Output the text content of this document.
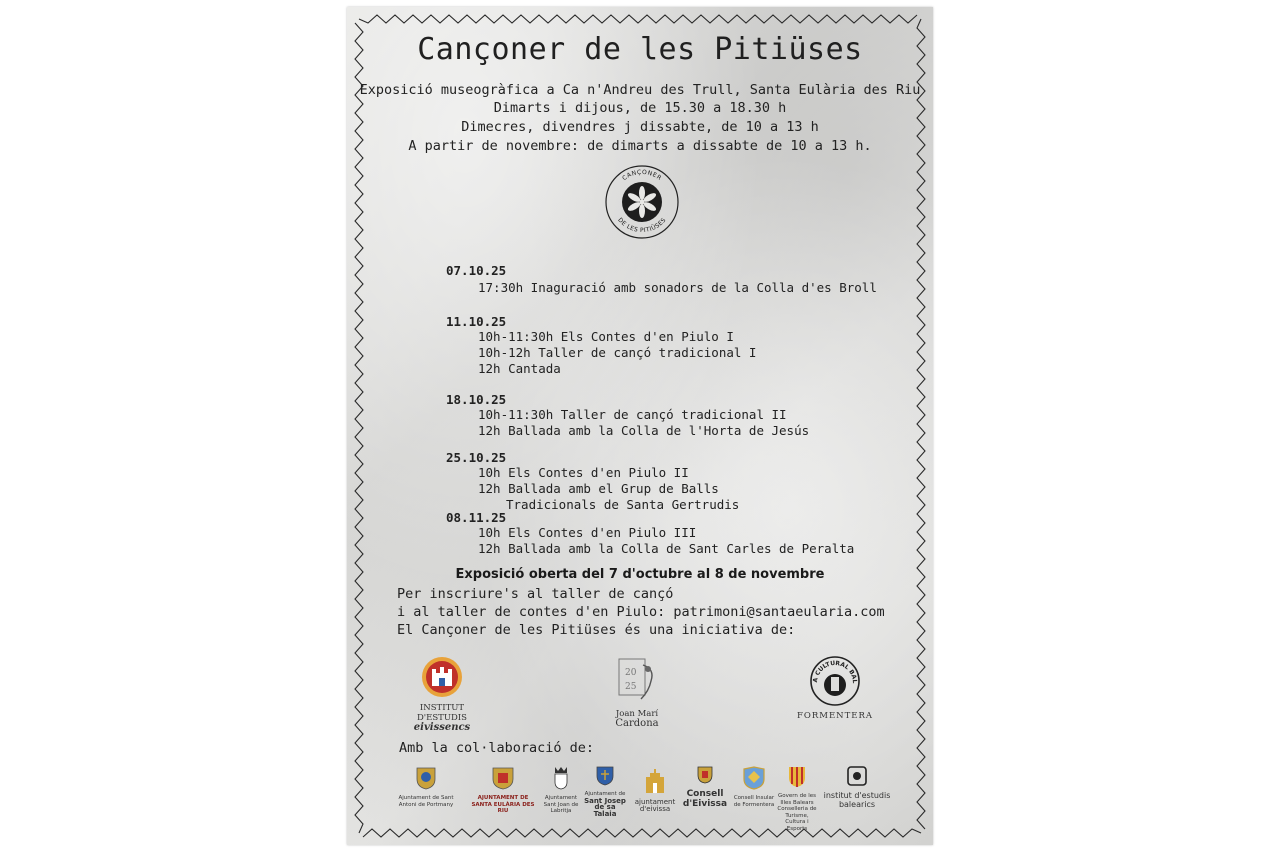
Cançoner de les Pitiüses
Exposició museogràfica a Ca n'Andreu des Trull, Santa Eulària des Riu
Dimarts i dijous, de 15.30 a 18.30 h
Dimecres, divendres j dissabte, de 10 a 13 h
A partir de novembre: de dimarts a dissabte de 10 a 13 h.
CANÇONER
DE LES PITIÜSES
07.10.25
17:30h Inaguració amb sonadors de la Colla d'es Broll
11.10.25
10h-11:30h Els Contes d'en Piulo I
10h-12h Taller de cançó tradicional I
12h Cantada
18.10.25
10h-11:30h Taller de cançó tradicional II
12h Ballada amb la Colla de l'Horta de Jesús
25.10.25
10h Els Contes d'en Piulo II
12h Ballada amb el Grup de Balls
Tradicionals de Santa Gertrudis
08.11.25
10h Els Contes d'en Piulo III
12h Ballada amb la Colla de Sant Carles de Peralta
Exposició oberta del 7 d'octubre al 8 de novembre
Per inscriure's al taller de cançó
i al taller de contes d'en Piulo: patrimoni@santaeularia.com
El Cançoner de les Pitiüses és una iniciativa de:
INSTITUT
D'ESTUDIS
eivissencs
20
25
Joan Marí
Cardona
A CULTURAL BAL
FORMENTERA
Amb la col·laboració de:
Ajuntament de Sant Antoni de Portmany
AJUNTAMENT DE
SANTA EULÀRIA DES RIU
Ajuntament
Sant Joan de Labritja
Ajuntament de
Sant Josep
de sa Talaia
ajuntament
d'eivissa
Consell
d'Eivissa
Consell Insular
de Formentera
Govern de les
Illes Balears
Conselleria de Turisme,
Cultura i Esports
institut d'estudis
balearics
